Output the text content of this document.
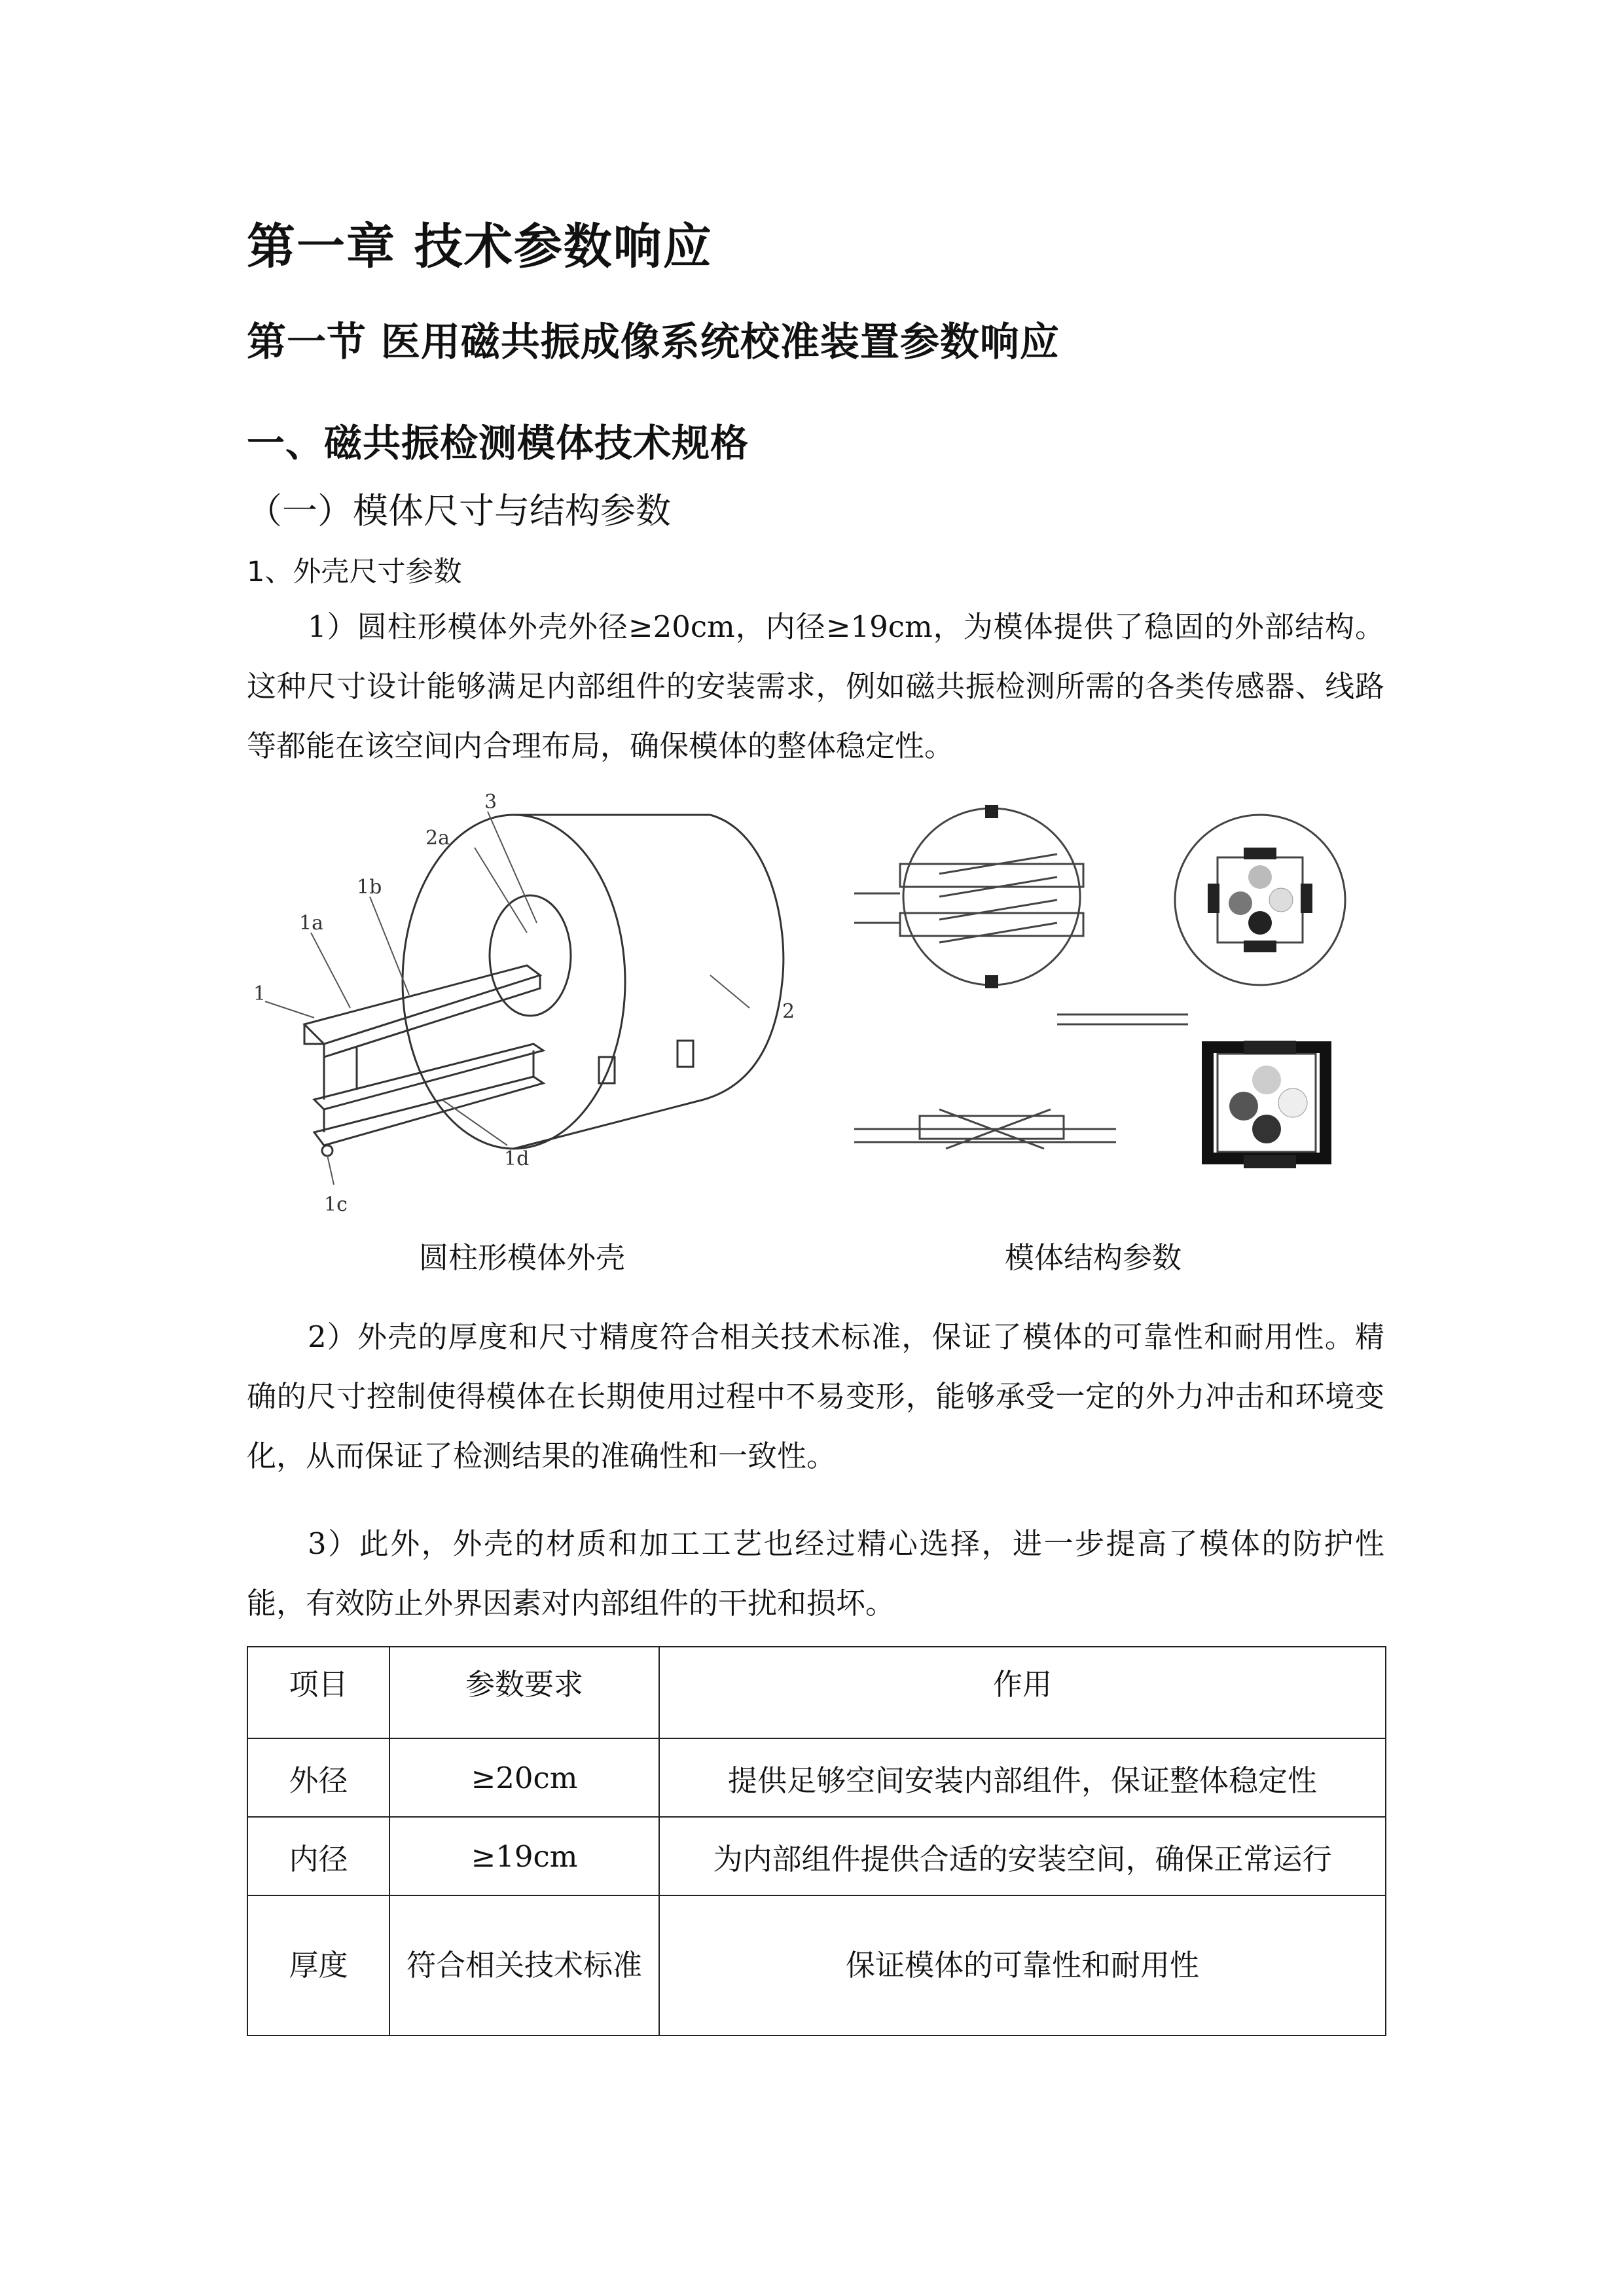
第一章 技术参数响应
第一节 医用磁共振成像系统校准装置参数响应
一、磁共振检测模体技术规格
（一）模体尺寸与结构参数
1、外壳尺寸参数

1）圆柱形模体外壳外径≥20cm，内径≥19cm，为模体提供了稳固的外部结构。这种尺寸设计能够满足内部组件的安装需求，例如磁共振检测所需的各类传感器、线路等都能在该空间内合理布局，确保模体的整体稳定性。

1
1a
1b
2a
3
2
1d
1c
圆柱形模体外壳	模体结构参数

2）外壳的厚度和尺寸精度符合相关技术标准，保证了模体的可靠性和耐用性。精确的尺寸控制使得模体在长期使用过程中不易变形，能够承受一定的外力冲击和环境变化，从而保证了检测结果的准确性和一致性。

3）此外，外壳的材质和加工工艺也经过精心选择，进一步提高了模体的防护性能，有效防止外界因素对内部组件的干扰和损坏。

项目	参数要求	作用
外径	≥20cm	提供足够空间安装内部组件，保证整体稳定性
内径	≥19cm	为内部组件提供合适的安装空间，确保正常运行
厚度	符合相关技术标准	保证模体的可靠性和耐用性
